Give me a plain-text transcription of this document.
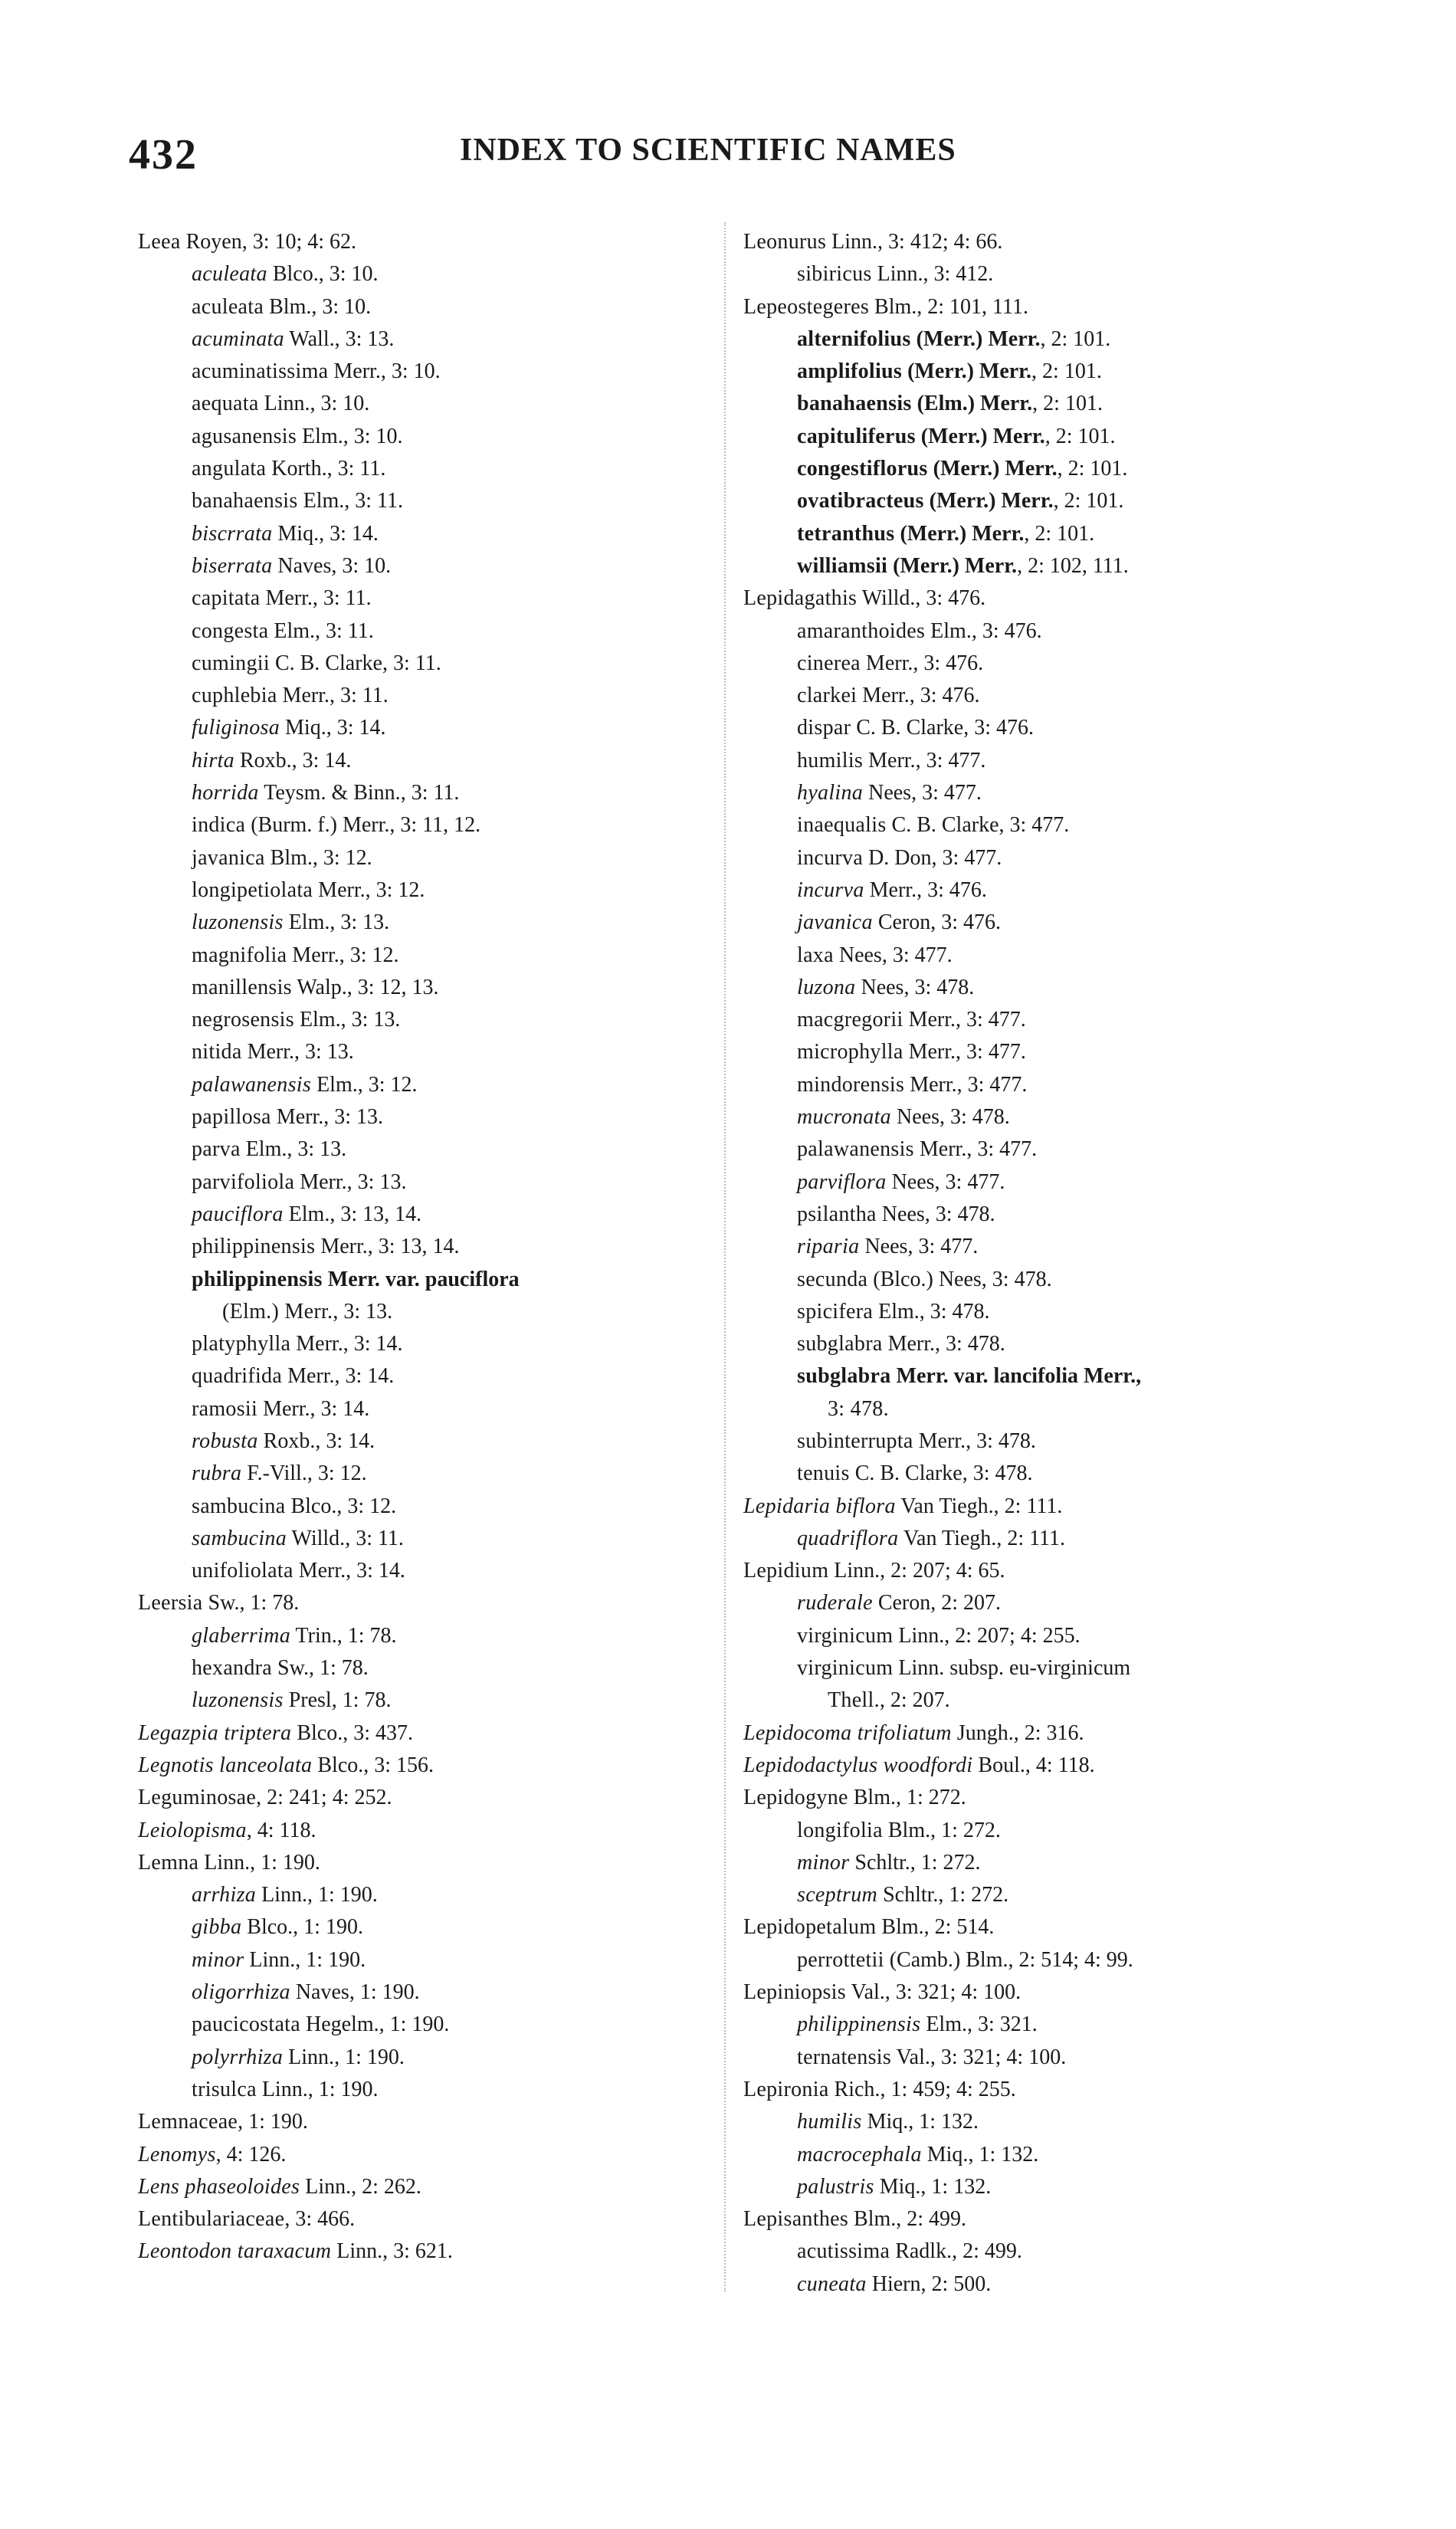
432	INDEX TO SCIENTIFIC NAMES
Leea Royen , 3: 10; 4: 62.
aculeata Blco. , 3: 10.
aculeata Blm. , 3: 10.
acuminata Wall. , 3: 13.
acuminatissima Merr. , 3: 10.
aequata Linn. , 3: 10.
agusanensis Elm. , 3: 10.
angulata Korth. , 3: 11.
banahaensis Elm. , 3: 11.
biscrrata Miq. , 3: 14.
biserrata Naves , 3: 10.
capitata Merr. , 3: 11.
congesta Elm. , 3: 11.
cumingii C. B. Clarke , 3: 11.
cuphlebia Merr. , 3: 11.
fuliginosa Miq. , 3: 14.
hirta Roxb. , 3: 14.
horrida Teysm. & Binn. , 3: 11.
indica (Burm. f.) Merr. , 3: 11, 12.
javanica Blm. , 3: 12.
longipetiolata Merr. , 3: 12.
luzonensis Elm. , 3: 13.
magnifolia Merr. , 3: 12.
manillensis Walp. , 3: 12, 13.
negrosensis Elm. , 3: 13.
nitida Merr. , 3: 13.
palawanensis Elm. , 3: 12.
papillosa Merr. , 3: 13.
parva Elm. , 3: 13.
parvifoliola Merr. , 3: 13.
pauciflora Elm. , 3: 13, 14.
philippinensis Merr. , 3: 13, 14.
philippinensis Merr. var. pauciflora
(Elm.) Merr. , 3: 13.
platyphylla Merr. , 3: 14.
quadrifida Merr. , 3: 14.
ramosii Merr. , 3: 14.
robusta Roxb. , 3: 14.
rubra F.-Vill. , 3: 12.
sambucina Blco. , 3: 12.
sambucina Willd. , 3: 11.
unifoliolata Merr. , 3: 14.
Leersia Sw. , 1: 78.
glaberrima Trin. , 1: 78.
hexandra Sw. , 1: 78.
luzonensis Presl , 1: 78.
Legazpia triptera Blco. , 3: 437.
Legnotis lanceolata Blco. , 3: 156.
Leguminosae , 2: 241; 4: 252.
Leiolopisma , 4: 118.
Lemna Linn. , 1: 190.
arrhiza Linn. , 1: 190.
gibba Blco. , 1: 190.
minor Linn. , 1: 190.
oligorrhiza Naves , 1: 190.
paucicostata Hegelm. , 1: 190.
polyrrhiza Linn. , 1: 190.
trisulca Linn. , 1: 190.
Lemnaceae , 1: 190.
Lenomys , 4: 126.
Lens phaseoloides Linn. , 2: 262.
Lentibulariaceae , 3: 466.
Leontodon taraxacum Linn. , 3: 621.
Leonurus Linn. , 3: 412; 4: 66.
sibiricus Linn. , 3: 412.
Lepeostegeres Blm. , 2: 101, 111.
alternifolius (Merr.) Merr. , 2: 101.
amplifolius (Merr.) Merr. , 2: 101.
banahaensis (Elm.) Merr. , 2: 101.
capituliferus (Merr.) Merr. , 2: 101.
congestiflorus (Merr.) Merr. , 2: 101.
ovatibracteus (Merr.) Merr. , 2: 101.
tetranthus (Merr.) Merr. , 2: 101.
williamsii (Merr.) Merr. , 2: 102, 111.
Lepidagathis Willd. , 3: 476.
amaranthoides Elm. , 3: 476.
cinerea Merr. , 3: 476.
clarkei Merr. , 3: 476.
dispar C. B. Clarke , 3: 476.
humilis Merr. , 3: 477.
hyalina Nees , 3: 477.
inaequalis C. B. Clarke , 3: 477.
incurva D. Don , 3: 477.
incurva Merr. , 3: 476.
javanica Ceron , 3: 476.
laxa Nees , 3: 477.
luzona Nees , 3: 478.
macgregorii Merr. , 3: 477.
microphylla Merr. , 3: 477.
mindorensis Merr. , 3: 477.
mucronata Nees , 3: 478.
palawanensis Merr. , 3: 477.
parviflora Nees , 3: 477.
psilantha Nees , 3: 478.
riparia Nees , 3: 477.
secunda (Blco.) Nees , 3: 478.
spicifera Elm. , 3: 478.
subglabra Merr. , 3: 478.
subglabra Merr. var. lancifolia Merr.,
3: 478.
subinterrupta Merr. , 3: 478.
tenuis C. B. Clarke , 3: 478.
Lepidaria biflora Van Tiegh. , 2: 111.
quadriflora Van Tiegh. , 2: 111.
Lepidium Linn. , 2: 207; 4: 65.
ruderale Ceron , 2: 207.
virginicum Linn. , 2: 207; 4: 255.
virginicum Linn. subsp. eu-virginicum
Thell. , 2: 207.
Lepidocoma trifoliatum Jungh. , 2: 316.
Lepidodactylus woodfordi Boul. , 4: 118.
Lepidogyne Blm. , 1: 272.
longifolia Blm. , 1: 272.
minor Schltr. , 1: 272.
sceptrum Schltr. , 1: 272.
Lepidopetalum Blm. , 2: 514.
perrottetii (Camb.) Blm. , 2: 514; 4: 99.
Lepiniopsis Val. , 3: 321; 4: 100.
philippinensis Elm. , 3: 321.
ternatensis Val. , 3: 321; 4: 100.
Lepironia Rich. , 1: 459; 4: 255.
humilis Miq. , 1: 132.
macrocephala Miq. , 1: 132.
palustris Miq. , 1: 132.
Lepisanthes Blm. , 2: 499.
acutissima Radlk. , 2: 499.
cuneata Hiern , 2: 500.
